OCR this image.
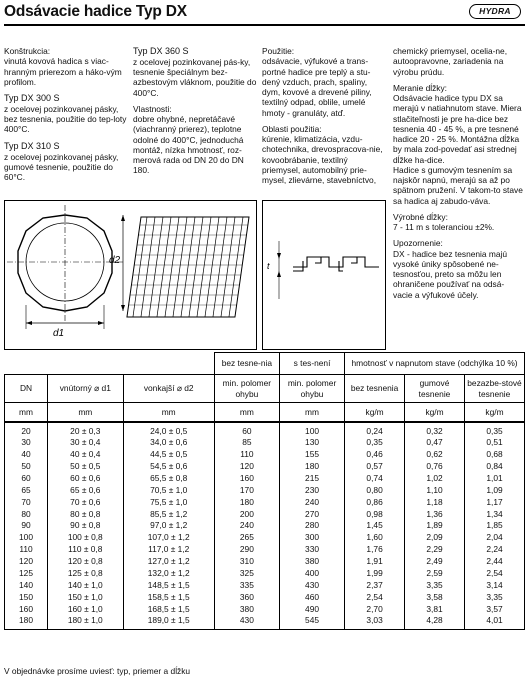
Odsávacie hadice Typ DX	HYDRA
Konštrukcia:

vinutá kovová hadica s viac-hranným prierezom a háko-vým profilom.

Typ DX 300 S

z ocelovej pozinkovanej pásky, bez tesnenia, použitie do tep-loty 400°C.

Typ DX 310 S

z ocelovej pozinkovanej pásky, gumové tesnenie, použitie do 60°C.

Typ DX 360 S

z ocelovej pozinkovanej pás-ky, tesnenie špeciálnym bez-azbestovým vláknom, použitie do 400°C.

Vlastnosti:

dobre ohybné, nepretáčavé (viachranný prierez), teplotne odolné do 400°C, jednoduchá montáž, nízka hmotnosť, roz-merová rada od DN 20 do DN 180.

Použitie:

odsávacie, výfukové a trans-portné hadice pre teplý a stu-dený vzduch, prach, spaliny, dym, kovové a drevené piliny, textilný odpad, oblile, umelé hmoty - granuláty, atď.

Oblasti použitia:

kúrenie, klimatizácia, vzdu-chotechnika, drevospracova-nie, kovoobrábanie, textilný priemysel, automobilný prie-mysel, zlievárne, stavebníctvo,

chemický priemysel, ocelia-ne, autoopravovne, zariadenia na výrobu prúdu.

Meranie dĺžky:

Odsávacie hadice typu DX sa merajú v natiahnutom stave. Miera stlačiteľnosti je pre ha-dice bez tesnenia 40 - 45 %, a pre tesnené hadice 20 - 25 %. Montážna dĺžka by mala zod-povedať asi strednej dĺžke ha-dice.

Hadice s gumovým tesnením sa najskôr napnú, merajú sa až po spätnom pružení. V takom-to stave sa hadica aj zabudo-váva.

Výrobné dĺžky:

7 - 11 m s toleranciou ±2%.

Upozornenie:

DX - hadice bez tesnenia majú vysoké úniky spôsobené ne-tesnosťou, preto sa môžu len ohraničene používať na odsá-vacie a výfukové účely.

d1
d2	t
			bez tesne-nia	s tes-není	hmotnosť v napnutom stave (odchýlka 10 %)		
DN	vnútorný ⌀ d1	vonkajší ⌀ d2	min. polomer ohybu	min. polomer ohybu	bez tesnenia	gumové tesnenie	bezazbe-stové tesnenie
mm	mm	mm	mm	mm	kg/m	kg/m	kg/m
20	20 ± 0,3	24,0 ± 0,5	60	100	0,24	0,32	0,35
30	30 ± 0,4	34,0 ± 0,6	85	130	0,35	0,47	0,51
40	40 ± 0,4	44,5 ± 0,5	110	155	0,46	0,62	0,68
50	50 ± 0,5	54,5 ± 0,6	120	180	0,57	0,76	0,84
60	60 ± 0,6	65,5 ± 0,8	160	215	0,74	1,02	1,01
65	65 ± 0,6	70,5 ± 1,0	170	230	0,80	1,10	1,09
70	70 ± 0,6	75,5 ± 1,0	180	240	0,86	1,18	1,17
80	80 ± 0,8	85,5 ± 1,2	200	270	0,98	1,36	1,34
90	90 ± 0,8	97,0 ± 1,2	240	280	1,45	1,89	1,85
100	100 ± 0,8	107,0 ± 1,2	265	300	1,60	2,09	2,04
110	110 ± 0,8	117,0 ± 1,2	290	330	1,76	2,29	2,24
120	120 ± 0,8	127,0 ± 1,2	310	380	1,91	2,49	2,44
125	125 ± 0,8	132,0 ± 1,2	325	400	1,99	2,59	2,54
140	140 ± 1,0	148,5 ± 1,5	335	430	2,37	3,35	3,14
150	150 ± 1,0	158,5 ± 1,5	360	460	2,54	3,58	3,35
160	160 ± 1,0	168,5 ± 1,5	380	490	2,70	3,81	3,57
180	180 ± 1,0	189,0 ± 1,5	430	545	3,03	4,28	4,01
V objednávke prosíme uviesť: typ, priemer a dĺžku
